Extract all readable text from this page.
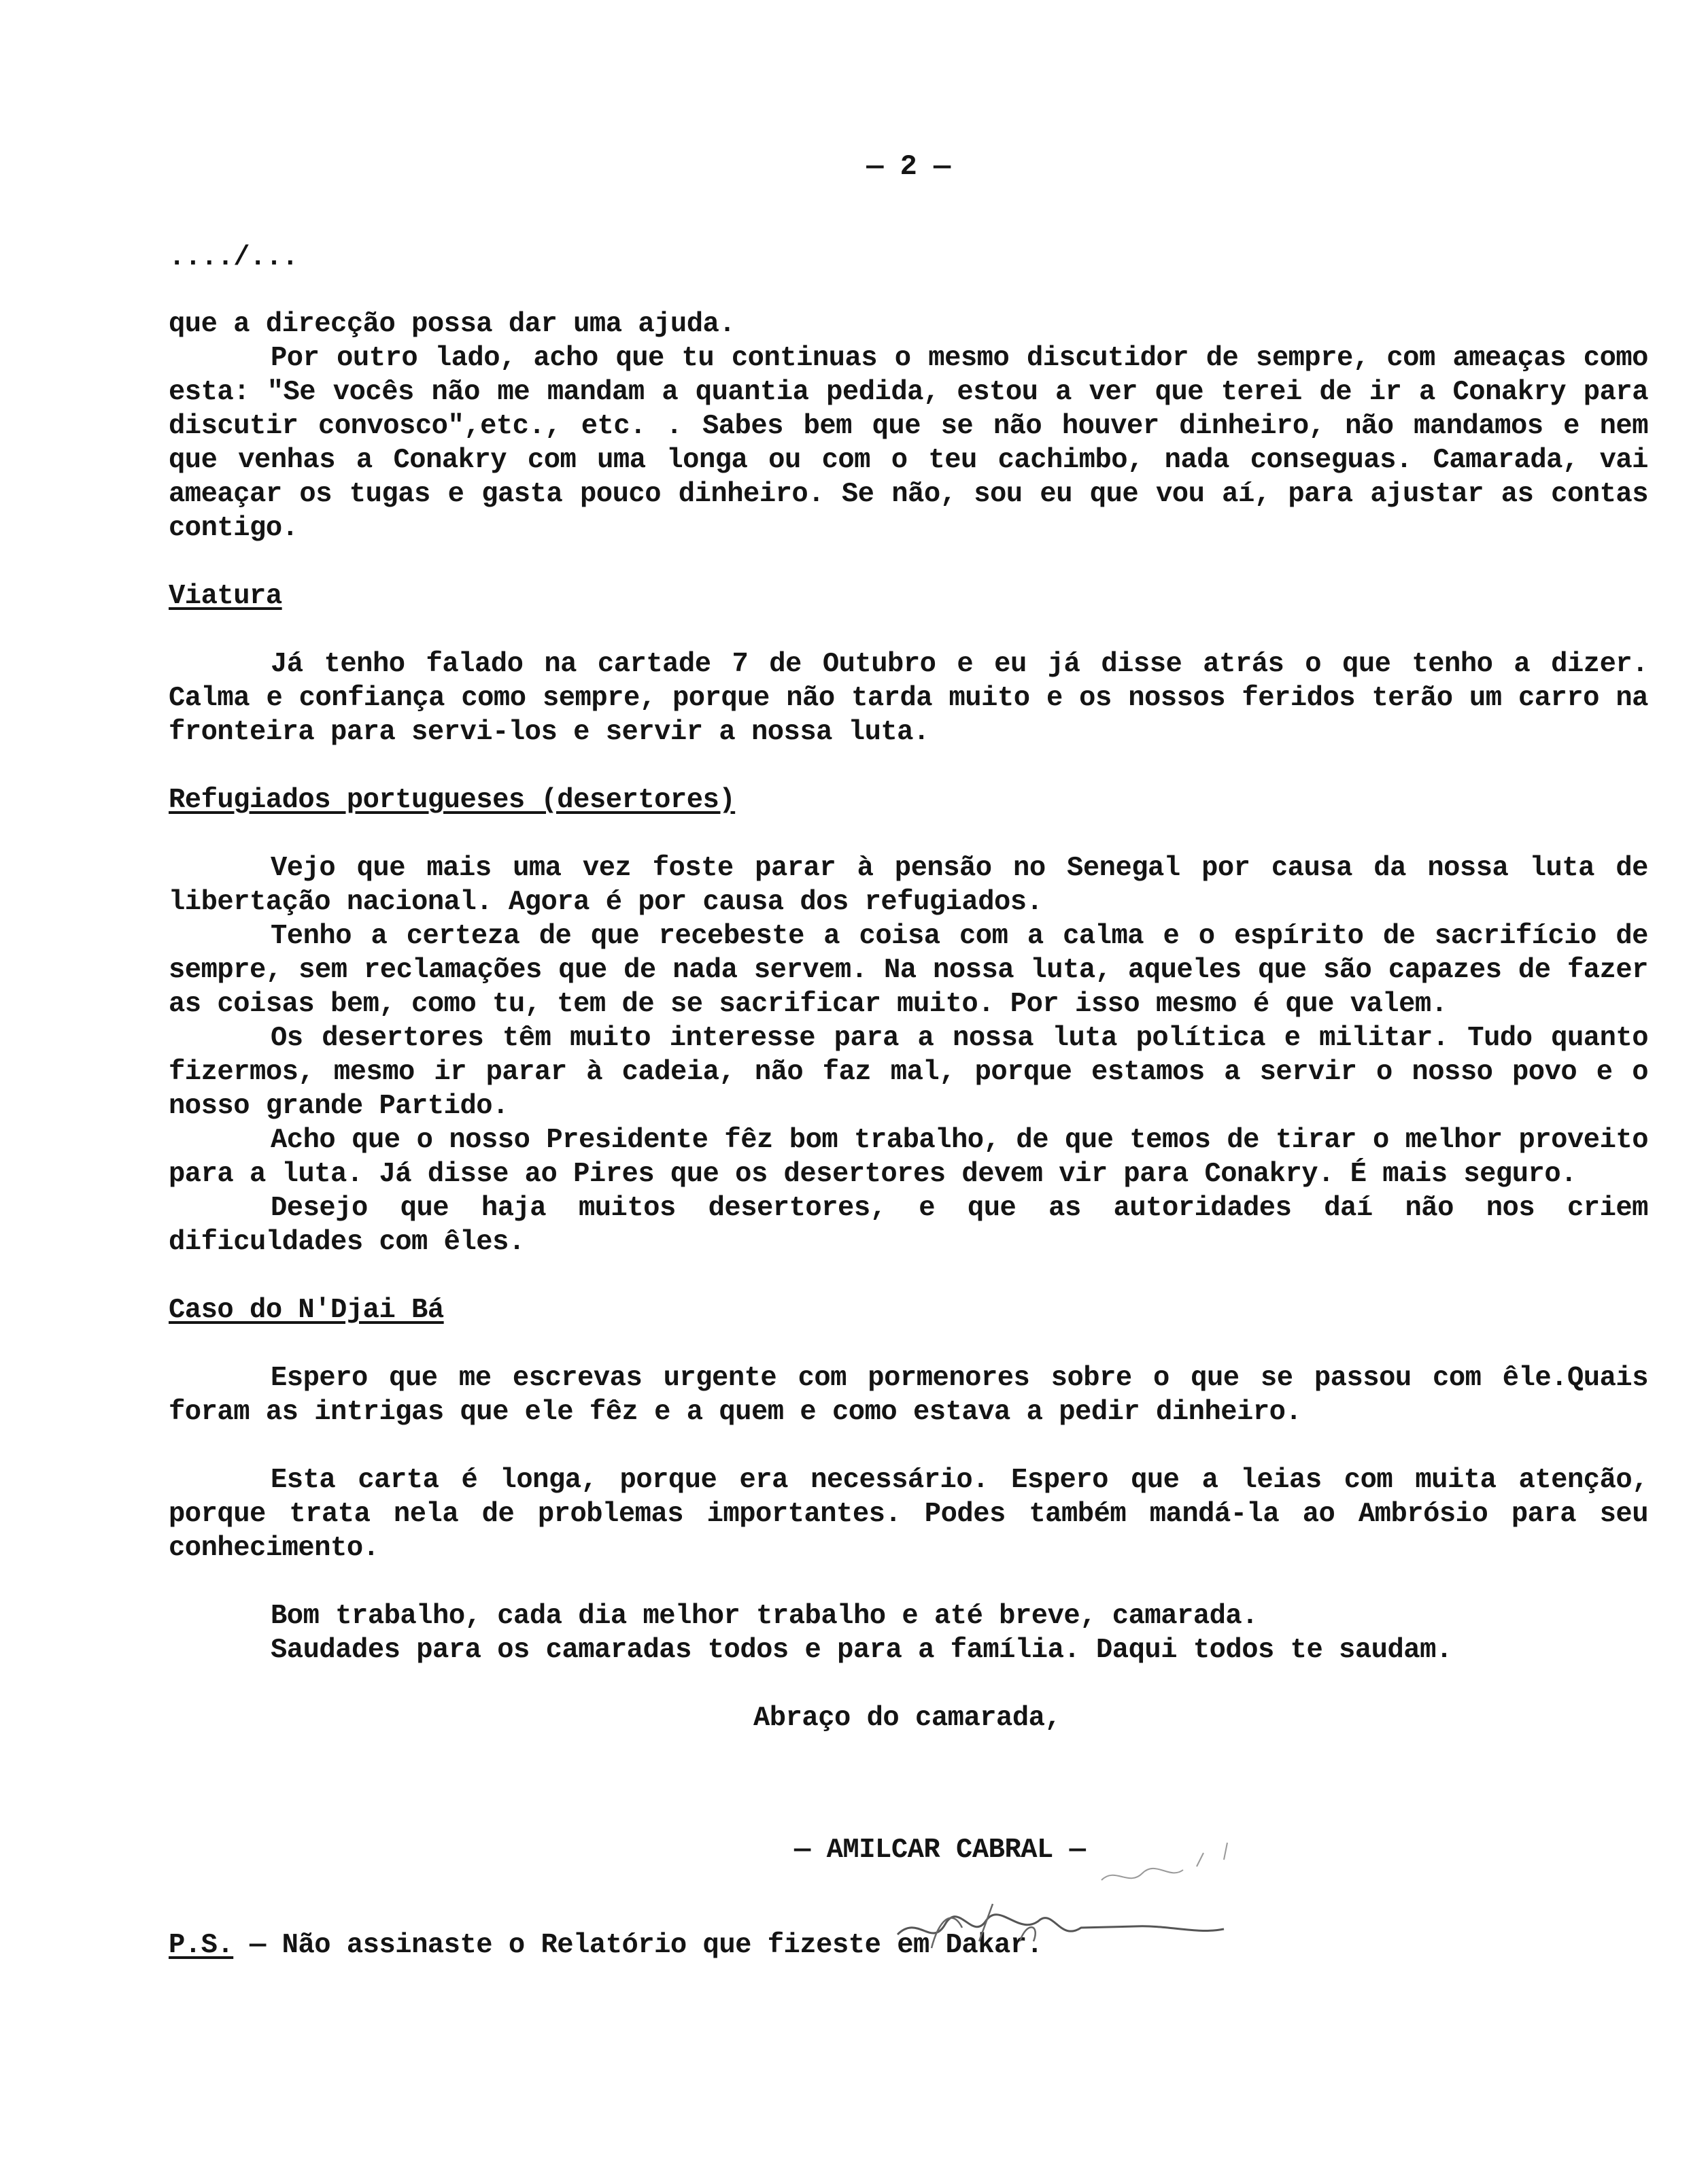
— 2 —
..../...

que a direcção possa dar uma ajuda.

Por outro lado, acho que tu continuas o mesmo discutidor de sempre, com ameaças como esta: "Se vocês não me mandam a quantia pedida, estou a ver que terei de ir a Conakry para discutir convosco",etc., etc. . Sabes bem que se não houver dinheiro, não mandamos e nem que venhas a Conakry com uma longa ou com o teu cachimbo, nada conseguas. Camarada, vai ameaçar os tugas e gasta pouco dinheiro. Se não, sou eu que vou aí, para ajustar as contas contigo.

Viatura

Já tenho falado na cartade 7 de Outubro e eu já disse atrás o que tenho a dizer. Calma e confiança como sempre, porque não tarda muito e os nossos feridos terão um carro na fronteira para servi-los e servir a nossa luta.

Refugiados portugueses (desertores)

Vejo que mais uma vez foste parar à pensão no Senegal por causa da nossa luta de libertação nacional. Agora é por causa dos refugiados.

Tenho a certeza de que recebeste a coisa com a calma e o espírito de sacrifício de sempre, sem reclamações que de nada servem. Na nossa luta, aqueles que são capazes de fazer as coisas bem, como tu, tem de se sacrificar muito. Por isso mesmo é que valem.

Os desertores têm muito interesse para a nossa luta política e militar. Tudo quanto fizermos, mesmo ir parar à cadeia, não faz mal, porque estamos a servir o nosso povo e o nosso grande Partido.

Acho que o nosso Presidente fêz bom trabalho, de que temos de tirar o melhor proveito para a luta. Já disse ao Pires que os desertores devem vir para Conakry. É mais seguro.

Desejo que haja muitos desertores, e que as autoridades daí não nos criem dificuldades com êles.

Caso do N'Djai Bá

Espero que me escrevas urgente com pormenores sobre o que se passou com êle.Quais foram as intrigas que ele fêz e a quem e como estava a pedir dinheiro.

Esta carta é longa, porque era necessário. Espero que a leias com muita atenção, porque trata nela de problemas importantes. Podes também mandá-la ao Ambrósio para seu conhecimento.

Bom trabalho, cada dia melhor trabalho e até breve, camarada.

Saudades para os camaradas todos e para a família. Daqui todos te saudam.

Abraço do camarada,
— AMILCAR CABRAL —
P.S. — Não assinaste o Relatório que fizeste em Dakar.
